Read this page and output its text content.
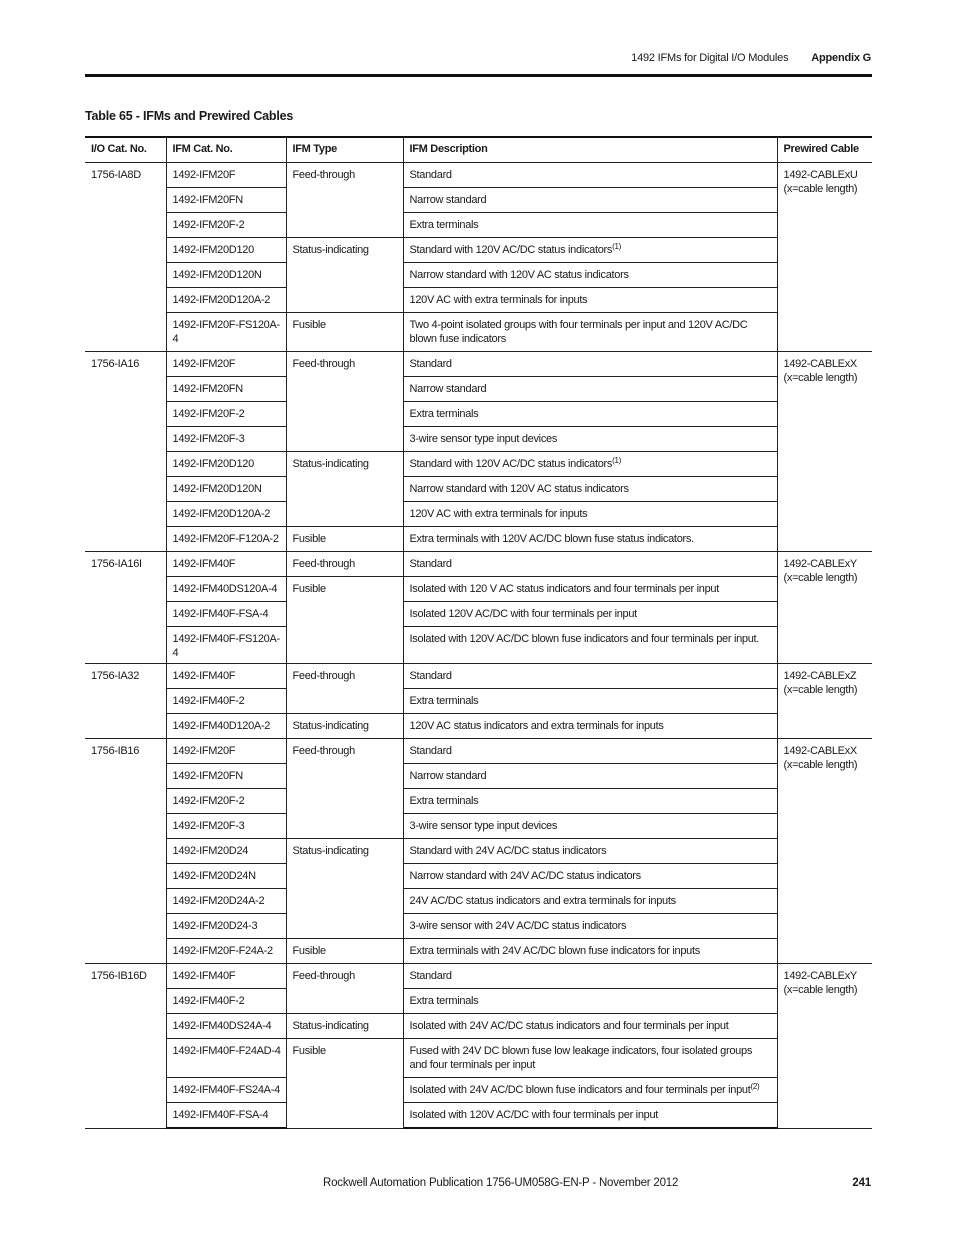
1492 IFMs for Digital I/O Modules Appendix G
Table 65 - IFMs and Prewired Cables
I/O Cat. No.	IFM Cat. No.	IFM Type	IFM Description	Prewired Cable
1756-IA8D	1492-IFM20F	Feed-through	Standard	1492-CABLExU
(x=cable length)

	1492-IFM20FN		Narrow standard	
	1492-IFM20F-2		Extra terminals	
	1492-IFM20D120	Status-indicating	Standard with 120V AC/DC status indicators$^{(1)}$
	1492-IFM20D120N		Narrow standard with 120V AC status indicators	
	1492-IFM20D120A-2		120V AC with extra terminals for inputs	
	1492-IFM20F-FS120A-4	Fusible	Two 4-point isolated groups with four terminals per input and 120V AC/DC blown fuse indicators	
1756-IA16	1492-IFM20F	Feed-through	Standard	1492-CABLExX
(x=cable length)

	1492-IFM20FN		Narrow standard	
	1492-IFM20F-2		Extra terminals	
	1492-IFM20F-3		3-wire sensor type input devices	
	1492-IFM20D120	Status-indicating	Standard with 120V AC/DC status indicators$^{(1)}$
	1492-IFM20D120N		Narrow standard with 120V AC status indicators	
	1492-IFM20D120A-2		120V AC with extra terminals for inputs	
	1492-IFM20F-F120A-2	Fusible	Extra terminals with 120V AC/DC blown fuse status indicators.	
1756-IA16I	1492-IFM40F	Feed-through	Standard	1492-CABLExY
(x=cable length)

	1492-IFM40DS120A-4	Fusible	Isolated with 120 V AC status indicators and four terminals per input	
	1492-IFM40F-FSA-4		Isolated 120V AC/DC with four terminals per input	
	1492-IFM40F-FS120A-4		Isolated with 120V AC/DC blown fuse indicators and four terminals per input.	
1756-IA32	1492-IFM40F	Feed-through	Standard	1492-CABLExZ
(x=cable length)

	1492-IFM40F-2		Extra terminals	
	1492-IFM40D120A-2	Status-indicating	120V AC status indicators and extra terminals for inputs	
1756-IB16	1492-IFM20F	Feed-through	Standard	1492-CABLExX
(x=cable length)

	1492-IFM20FN		Narrow standard	
	1492-IFM20F-2		Extra terminals	
	1492-IFM20F-3		3-wire sensor type input devices	
	1492-IFM20D24	Status-indicating	Standard with 24V AC/DC status indicators	
	1492-IFM20D24N		Narrow standard with 24V AC/DC status indicators	
	1492-IFM20D24A-2		24V AC/DC status indicators and extra terminals for inputs	
	1492-IFM20D24-3		3-wire sensor with 24V AC/DC status indicators	
	1492-IFM20F-F24A-2	Fusible	Extra terminals with 24V AC/DC blown fuse indicators for inputs	
1756-IB16D	1492-IFM40F	Feed-through	Standard	1492-CABLExY
(x=cable length)

	1492-IFM40F-2		Extra terminals	
	1492-IFM40DS24A-4	Status-indicating	Isolated with 24V AC/DC status indicators and four terminals per input	
	1492-IFM40F-F24AD-4	Fusible	Fused with 24V DC blown fuse low leakage indicators, four isolated groups and four terminals per input	
	1492-IFM40F-FS24A-4		Isolated with 24V AC/DC blown fuse indicators and four terminals per input$^{(2)}$
	1492-IFM40F-FSA-4		Isolated with 120V AC/DC with four terminals per input	
Rockwell Automation Publication 1756-UM058G-EN-P - November 2012	241
